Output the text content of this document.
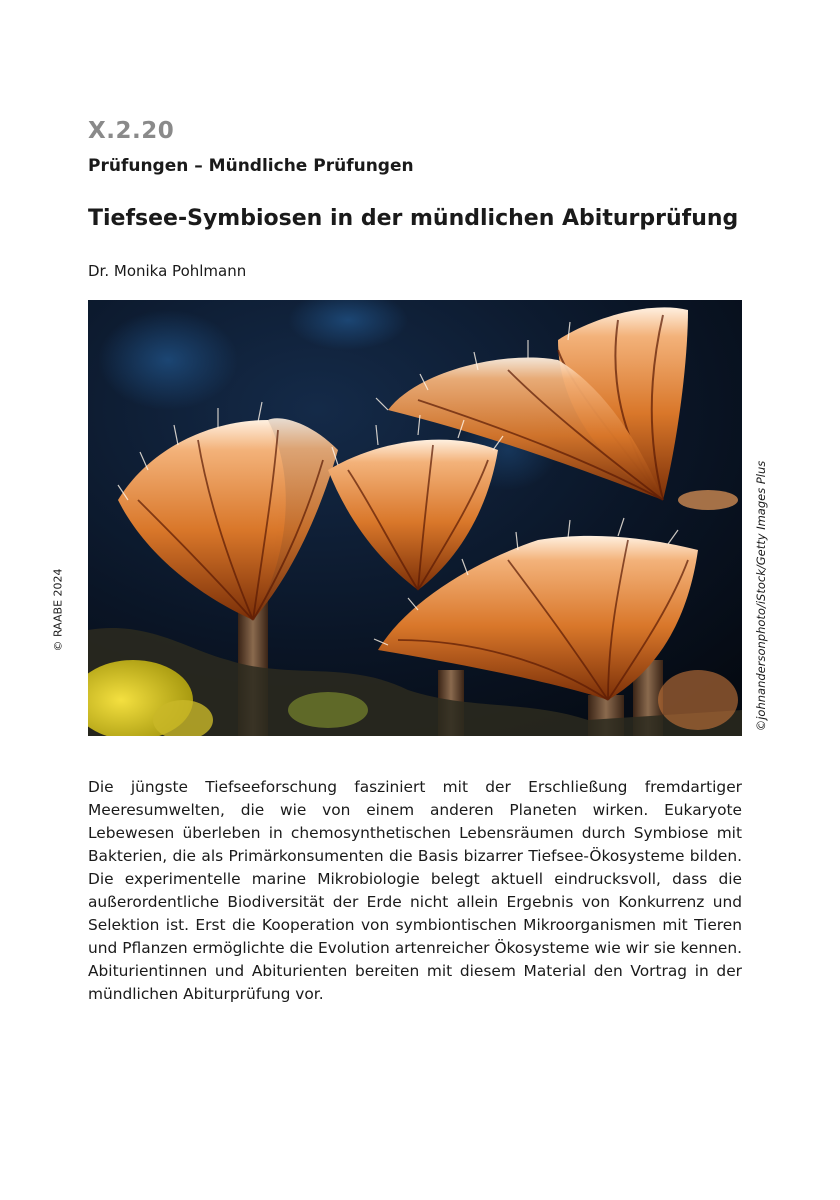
X.2.20
Prüfungen – Mündliche Prüfungen
Tiefsee-Symbiosen in der mündlichen Abiturprüfung
Dr. Monika Pohlmann
© RAABE 2024	©johnandersonphoto/iStock/Getty Images Plus

Die jüngste Tiefseeforschung fasziniert mit der Erschließung fremdartiger Meeresumwelten, die wie von einem anderen Planeten wirken. Eukaryote Lebewesen überleben in chemosynthetischen Lebensräumen durch Symbiose mit Bakterien, die als Primärkonsumenten die Basis bizarrer Tiefsee-Ökosysteme bilden. Die experimentelle marine Mikrobiologie belegt aktuell eindrucksvoll, dass die außerordentliche Biodiversität der Erde nicht allein Ergebnis von Konkurrenz und Selektion ist. Erst die Kooperation von symbiontischen Mikroorganismen mit Tieren und Pflanzen ermöglichte die Evolution artenreicher Ökosysteme wie wir sie kennen. Abiturientinnen und Abiturienten bereiten mit diesem Material den Vortrag in der mündlichen Abiturprüfung vor.
